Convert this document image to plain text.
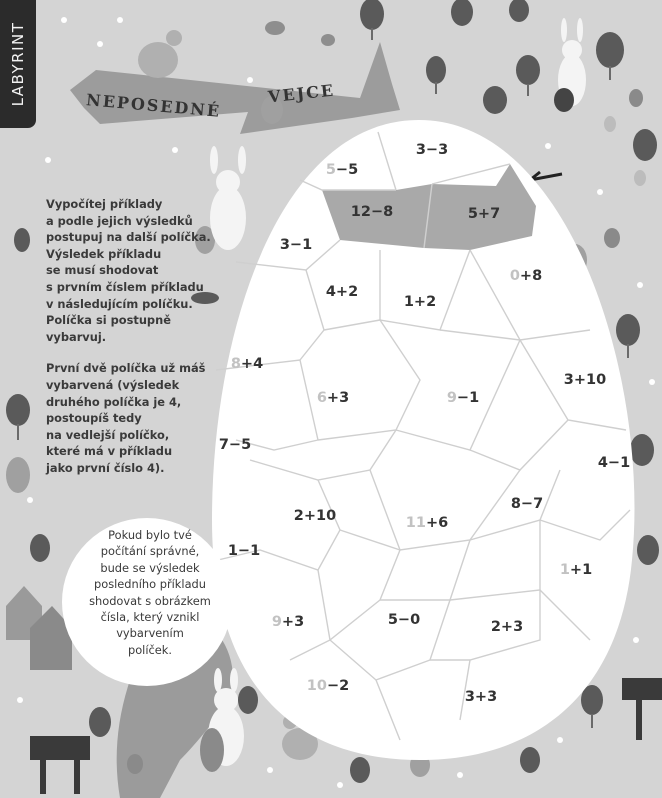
LABYRINT	NEPOSEDNÉ	VEJCE

Vypočítej příklady
a podle jejich výsledků
postupuj na další políčka.
Výsledek příkladu
se musí shodovat
s prvním číslem příkladu
v následujícím políčku.
Políčka si postupně
vybarvuj.

První dvě políčka už máš
vybarvená (výsledek
druhého políčka je 4,
postoupíš tedy
na vedlejší políčko,
které má v příkladu
jako první číslo 4).

Pokud bylo tvé
počítání správné,
bude se výsledek
posledního příkladu
shodovat s obrázkem
čísla, který vznikl
vybarvením
políček.
3−3
5−5
12−8	5+7
3−1
4+2
1+2
0+8
8+4
6+3	9−1
3+10
7−5
4−1
2+10	11+6
8−7
1−1
1+1
9+3	5−0	2+3
10−2
3+3
